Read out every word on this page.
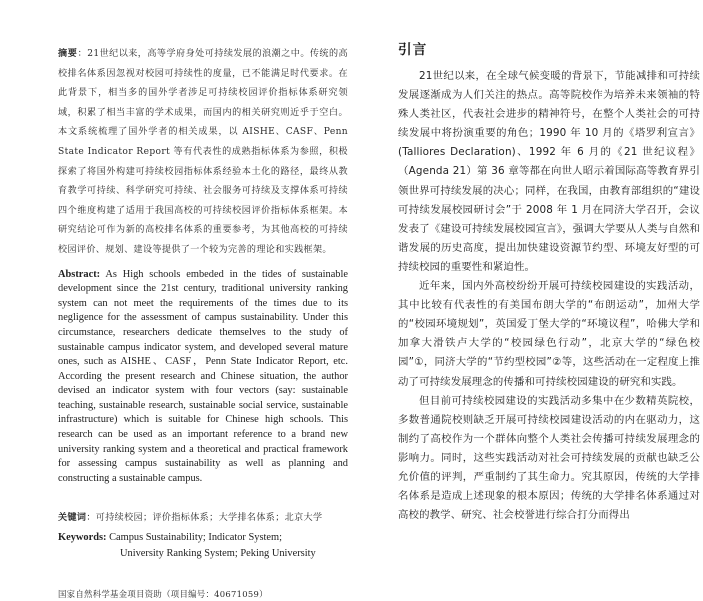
摘要：21世纪以来，高等学府身处可持续发展的浪潮之中。传统的高校排名体系因忽视对校园可持续性的度量，已不能满足时代要求。在此背景下，相当多的国外学者涉足可持续校园评价指标体系研究领域，积累了相当丰富的学术成果，而国内的相关研究则近乎于空白。本文系统梳理了国外学者的相关成果，以 AISHE、CASF、Penn State Indicator Report 等有代表性的成熟指标体系为参照，积极探索了将国外构建可持续校园指标体系经验本土化的路径，最终从教育教学可持续、科学研究可持续、社会服务可持续及支撑体系可持续四个维度构建了适用于我国高校的可持续校园评价指标体系框架。本研究结论可作为新的高校排名体系的重要参考，为其他高校的可持续校园评价、规划、建设等提供了一个较为完善的理论和实践框架。
Abstract: As High schools embeded in the tides of sustainable development since the 21st century, traditional university ranking system can not meet the requirements of the times due to its negligence for the assessment of campus sustainability. Under this circumstance, researchers dedicate themselves to the study of sustainable campus indicator system, and developed several mature ones, such as AISHE、CASF，Penn State Indicator Report, etc. According the present research and Chinese situation, the author devised an indicator system with four vectors (say: sustainable teaching, sustainable research, sustainable social service, sustainable infrastructure) which is suitable for Chinese high schools. This research can be used as an important reference to a brand new university ranking system and a theoretical and practical framework for assessing campus sustainability as well as planning and constructing a sustainable campus.
关键词：可持续校园；评价指标体系；大学排名体系；北京大学
Keywords: Campus Sustainability; Indicator System;
University Ranking System; Peking University
国家自然科学基金项目资助（项目编号：40671059）
引言

21世纪以来，在全球气候变暖的背景下，节能减排和可持续发展逐渐成为人们关注的热点。高等院校作为培养未来领袖的特殊人类社区，代表社会进步的精神符号，在整个人类社会的可持续发展中将扮演重要的角色；1990 年 10 月的《塔罗利宣言》(Talliores Declaration)、1992 年 6 月的《21 世纪议程》（Agenda 21）第 36 章等都在向世人昭示着国际高等教育界引领世界可持续发展的决心；同样，在我国，由教育部组织的“建设可持续发展校园研讨会”于 2008 年 1 月在同济大学召开，会议发表了《建设可持续发展校园宣言》，强调大学要从人类与自然和谐发展的历史高度，提出加快建设资源节约型、环境友好型的可持续校园的重要性和紧迫性。

近年来，国内外高校纷纷开展可持续校园建设的实践活动，其中比较有代表性的有美国布朗大学的“布朗运动”，加州大学的“校园环境规划”，英国爱丁堡大学的“环境议程”，哈佛大学和加拿大滑铁卢大学的“校园绿色行动”，北京大学的“绿色校园”①，同济大学的“节约型校园”②等，这些活动在一定程度上推动了可持续发展理念的传播和可持续校园建设的研究和实践。

但目前可持续校园建设的实践活动多集中在少数精英院校，多数普通院校则缺乏开展可持续校园建设活动的内在驱动力，这制约了高校作为一个群体向整个人类社会传播可持续发展理念的影响力。同时，这些实践活动对社会可持续发展的贡献也缺乏公允价值的评判，严重制约了其生命力。究其原因，传统的大学排名体系是造成上述现象的根本原因；传统的大学排名体系通过对高校的教学、研究、社会校誉进行综合打分而得出
